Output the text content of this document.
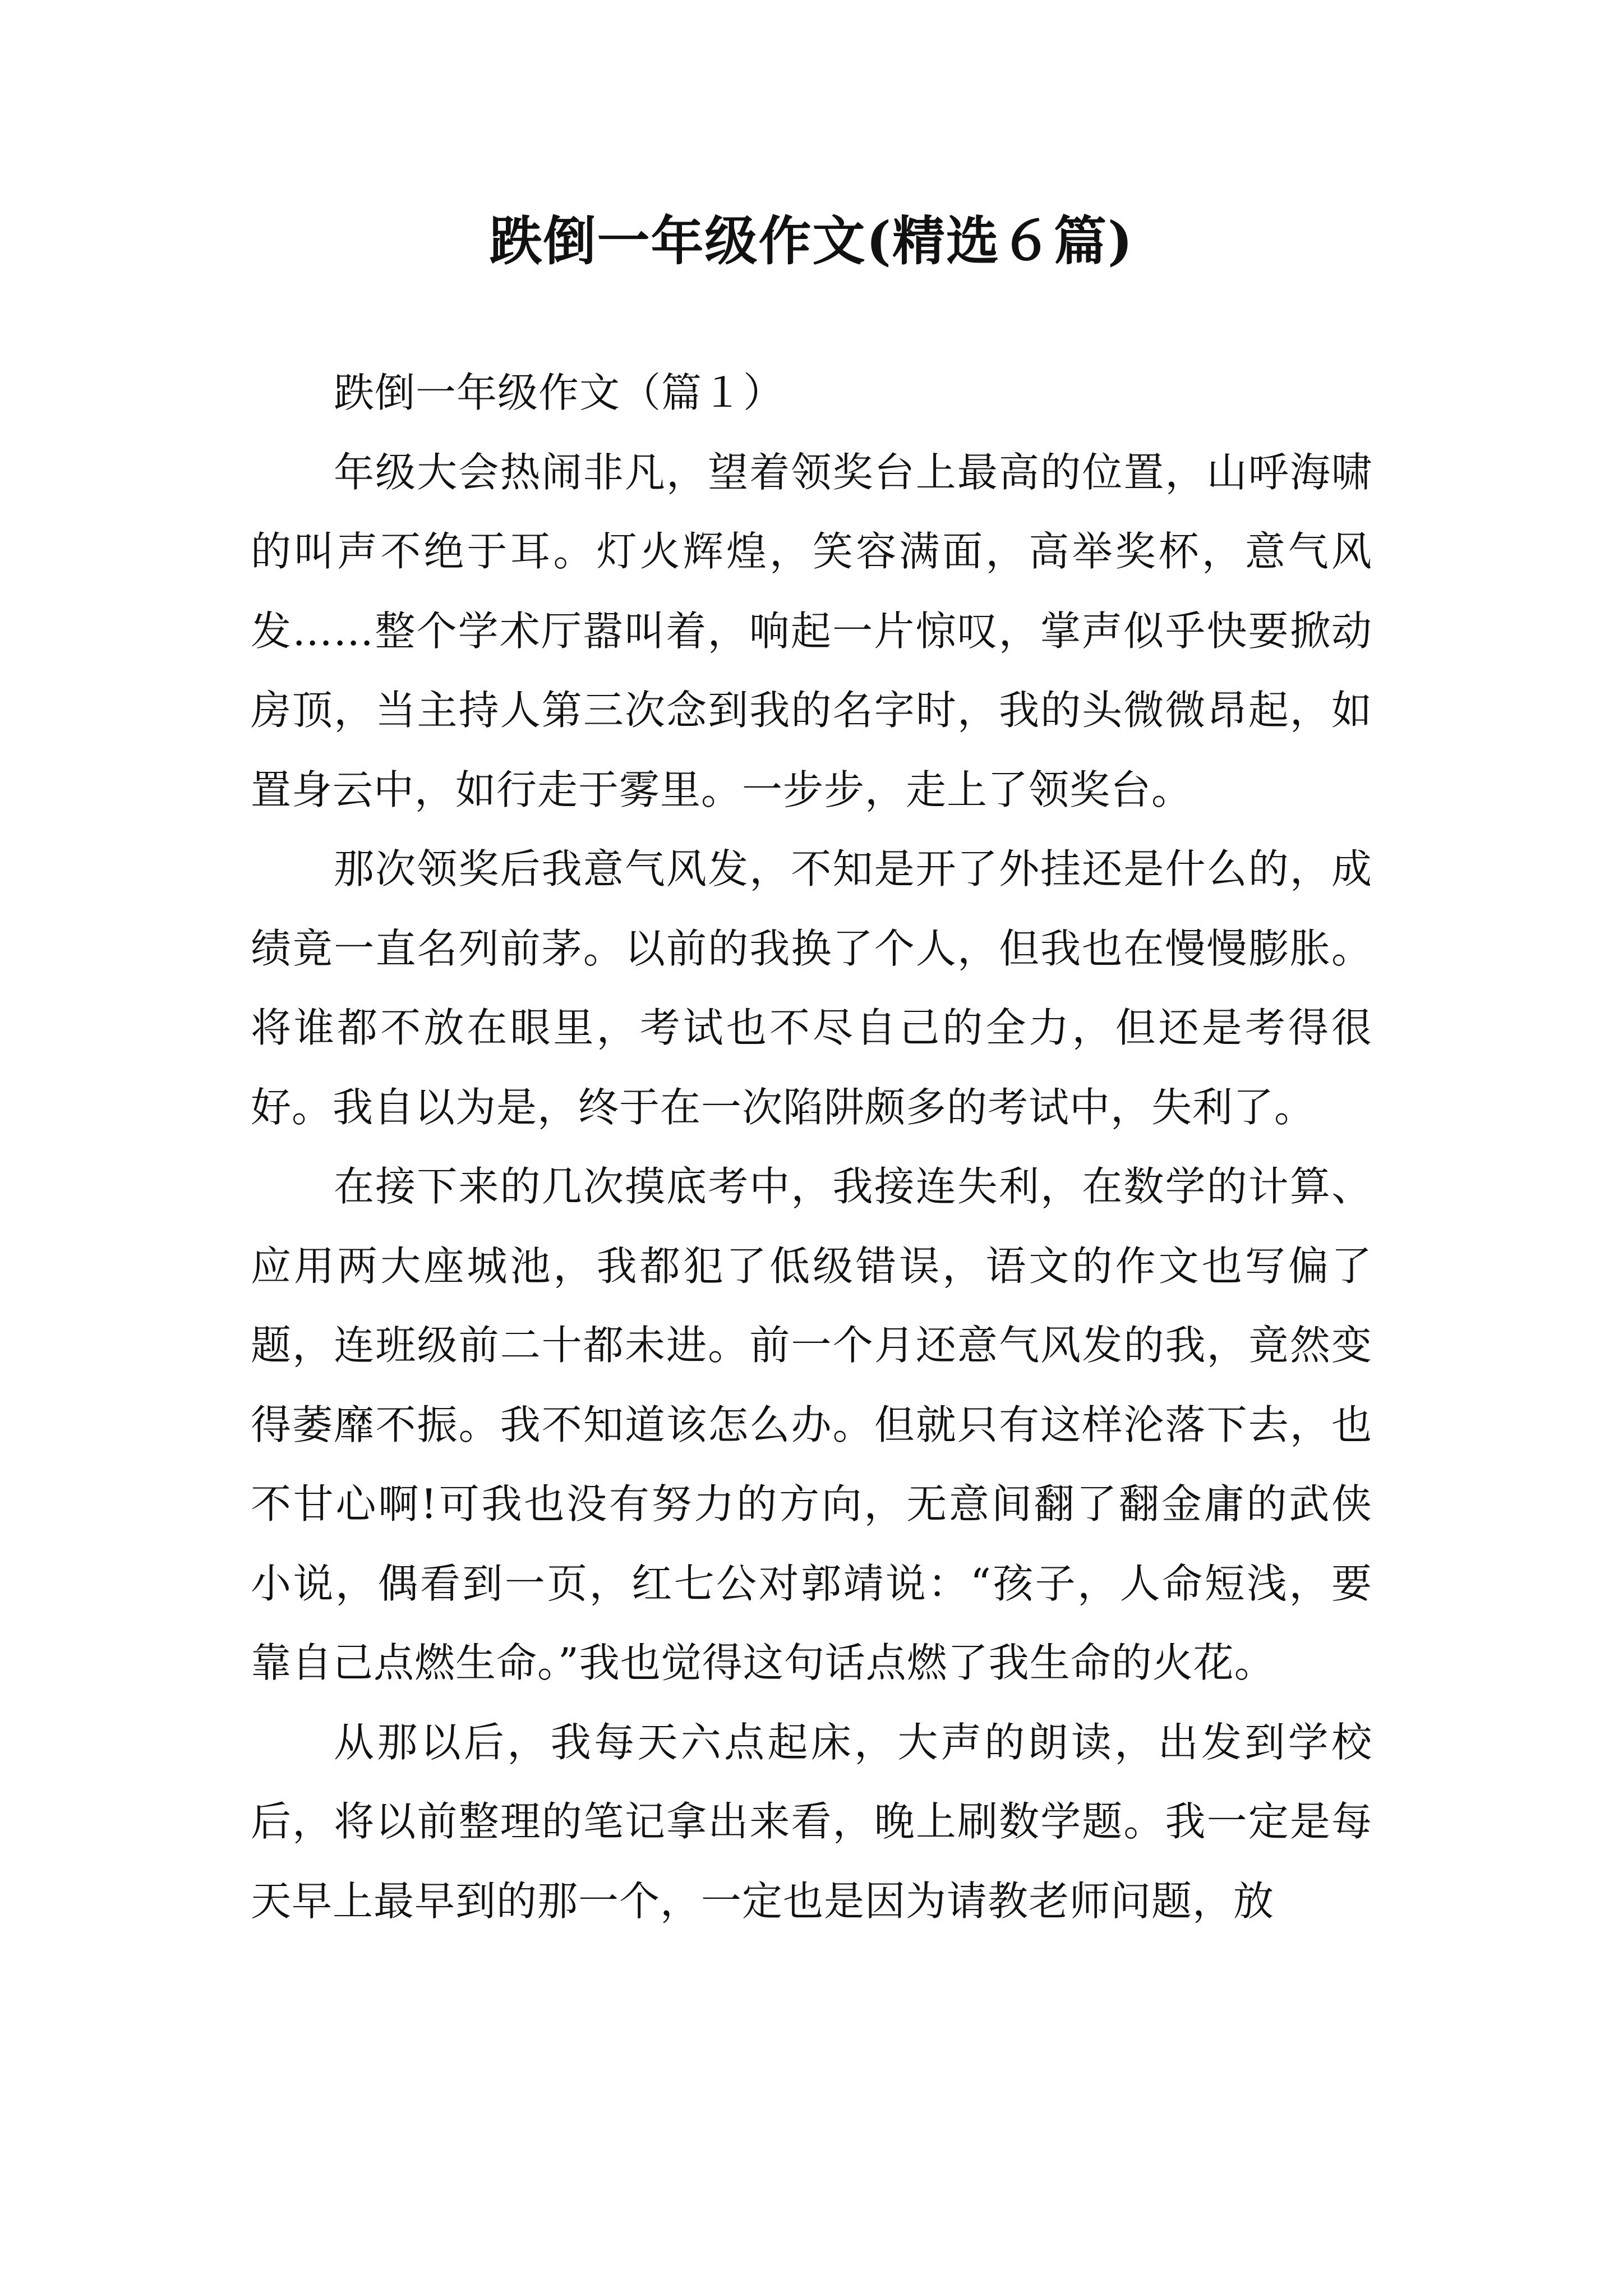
跌倒一年级作文(精选６篇)

跌倒一年级作文（篇１）

年级大会热闹非凡，望着领奖台上最高的位置，山呼海啸的叫声不绝于耳。灯火辉煌，笑容满面，高举奖杯，意气风发……整个学术厅嚣叫着，响起一片惊叹，掌声似乎快要掀动房顶，当主持人第三次念到我的名字时，我的头微微昂起，如置身云中，如行走于雾里。一步步，走上了领奖台。

那次领奖后我意气风发，不知是开了外挂还是什么的，成绩竟一直名列前茅。以前的我换了个人，但我也在慢慢膨胀。将谁都不放在眼里，考试也不尽自己的全力，但还是考得很好。我自以为是，终于在一次陷阱颇多的考试中，失利了。

在接下来的几次摸底考中，我接连失利，在数学的计算、应用两大座城池，我都犯了低级错误，语文的作文也写偏了题，连班级前二十都未进。前一个月还意气风发的我，竟然变得萎靡不振。我不知道该怎么办。但就只有这样沦落下去，也不甘心啊!可我也没有努力的方向，无意间翻了翻金庸的武侠小说，偶看到一页，红七公对郭靖说：“孩子，人命短浅，要靠自己点燃生命。”我也觉得这句话点燃了我生命的火花。

从那以后，我每天六点起床，大声的朗读，出发到学校后，将以前整理的笔记拿出来看，晚上刷数学题。我一定是每天早上最早到的那一个，一定也是因为请教老师问题，放
